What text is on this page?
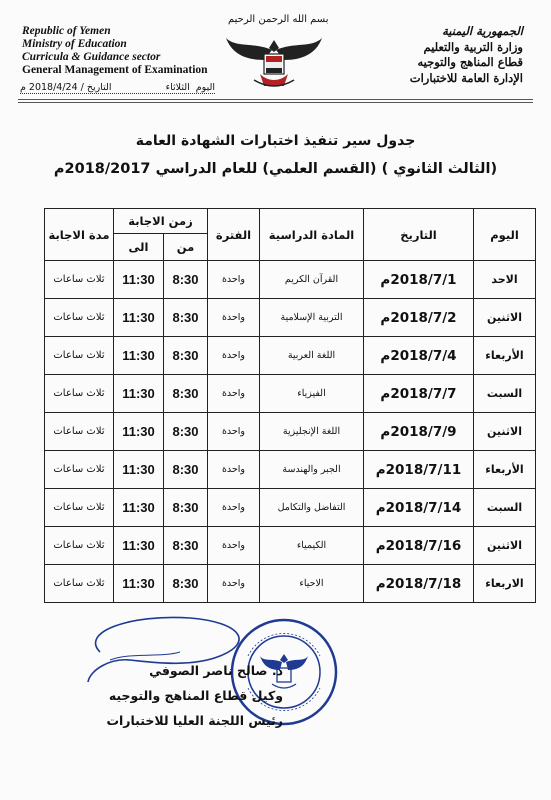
Republic of Yemen
Ministry of Education
Curricula & Guidance sector
General Management of Examination
اليوم  الثلاثاء
التاريخ / 2018/4/24 م
بسم الله الرحمن الرحيم
الجمهورية اليمنية
وزارة التربية والتعليم
قطاع المناهج والتوجيه
الإدارة العامة للاختبارات
جدول سير تنفيذ اختبارات الشهادة العامة
(الثالث الثانوي ) (القسم العلمي) للعام الدراسي 2018/2017م
اليوم	التاريخ	المادة الدراسية	الفترة	زمن الاجابة		مدة الاجابة
				من	الى	
الاحد	2018/7/1م	القرآن الكريم	واحدة	8:30	11:30	ثلاث ساعات
الاثنين	2018/7/2م	التربية الإسلامية	واحدة	8:30	11:30	ثلاث ساعات
الأربعاء	2018/7/4م	اللغة العربية	واحدة	8:30	11:30	ثلاث ساعات
السبت	2018/7/7م	الفيزياء	واحدة	8:30	11:30	ثلاث ساعات
الاثنين	2018/7/9م	اللغة الإنجليزية	واحدة	8:30	11:30	ثلاث ساعات
الأربعاء	2018/7/11م	الجبر والهندسة	واحدة	8:30	11:30	ثلاث ساعات
السبت	2018/7/14م	التفاضل والتكامل	واحدة	8:30	11:30	ثلاث ساعات
الاثنين	2018/7/16م	الكيمياء	واحدة	8:30	11:30	ثلاث ساعات
الاربعاء	2018/7/18م	الاحياء	واحدة	8:30	11:30	ثلاث ساعات
د. صالح ناصر الصوفي
وكيل قطاع المناهج والتوجيه
رئيس اللجنة العليا للاختبارات
